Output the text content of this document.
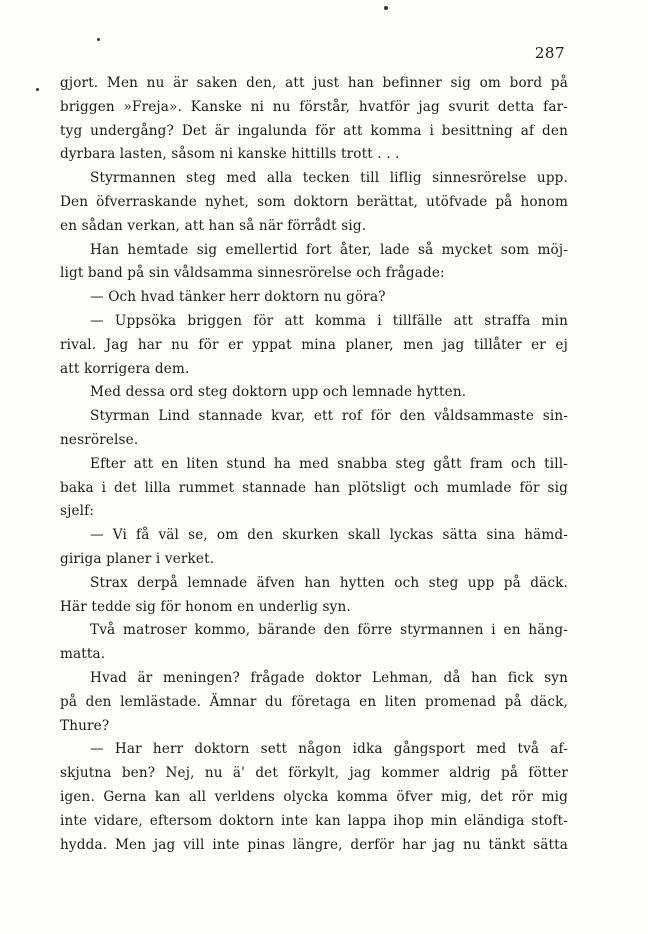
287
gjort. Men nu är saken den, att just han befinner sig om bord på
briggen »Freja». Kanske ni nu förstår, hvatför jag svurit detta far-
tyg undergång? Det är ingalunda för att komma i besittning af den
dyrbara lasten, såsom ni kanske hittills trott . . .
Styrmannen steg med alla tecken till liflig sinnesrörelse upp.
Den öfverraskande nyhet, som doktorn berättat, utöfvade på honom
en sådan verkan, att han så när förrådt sig.
Han hemtade sig emellertid fort åter, lade så mycket som möj-
ligt band på sin våldsamma sinnesrörelse och frågade:
— Och hvad tänker herr doktorn nu göra?
— Uppsöka briggen för att komma i tillfälle att straffa min
rival. Jag har nu för er yppat mina planer, men jag tillåter er ej
att korrigera dem.
Med dessa ord steg doktorn upp och lemnade hytten.
Styrman Lind stannade kvar, ett rof för den våldsammaste sin-
nesrörelse.
Efter att en liten stund ha med snabba steg gått fram och till-
baka i det lilla rummet stannade han plötsligt och mumlade för sig
sjelf:
— Vi få väl se, om den skurken skall lyckas sätta sina hämd-
giriga planer i verket.
Strax derpå lemnade äfven han hytten och steg upp på däck.
Här tedde sig för honom en underlig syn.
Två matroser kommo, bärande den förre styrmannen i en häng-
matta.
Hvad är meningen? frågade doktor Lehman, då han fick syn
på den lemlästade. Ämnar du företaga en liten promenad på däck,
Thure?
— Har herr doktorn sett någon idka gångsport med två af-
skjutna ben? Nej, nu ä' det förkylt, jag kommer aldrig på fötter
igen. Gerna kan all verldens olycka komma öfver mig, det rör mig
inte vidare, eftersom doktorn inte kan lappa ihop min eländiga stoft-
hydda. Men jag vill inte pinas längre, derför har jag nu tänkt sätta
